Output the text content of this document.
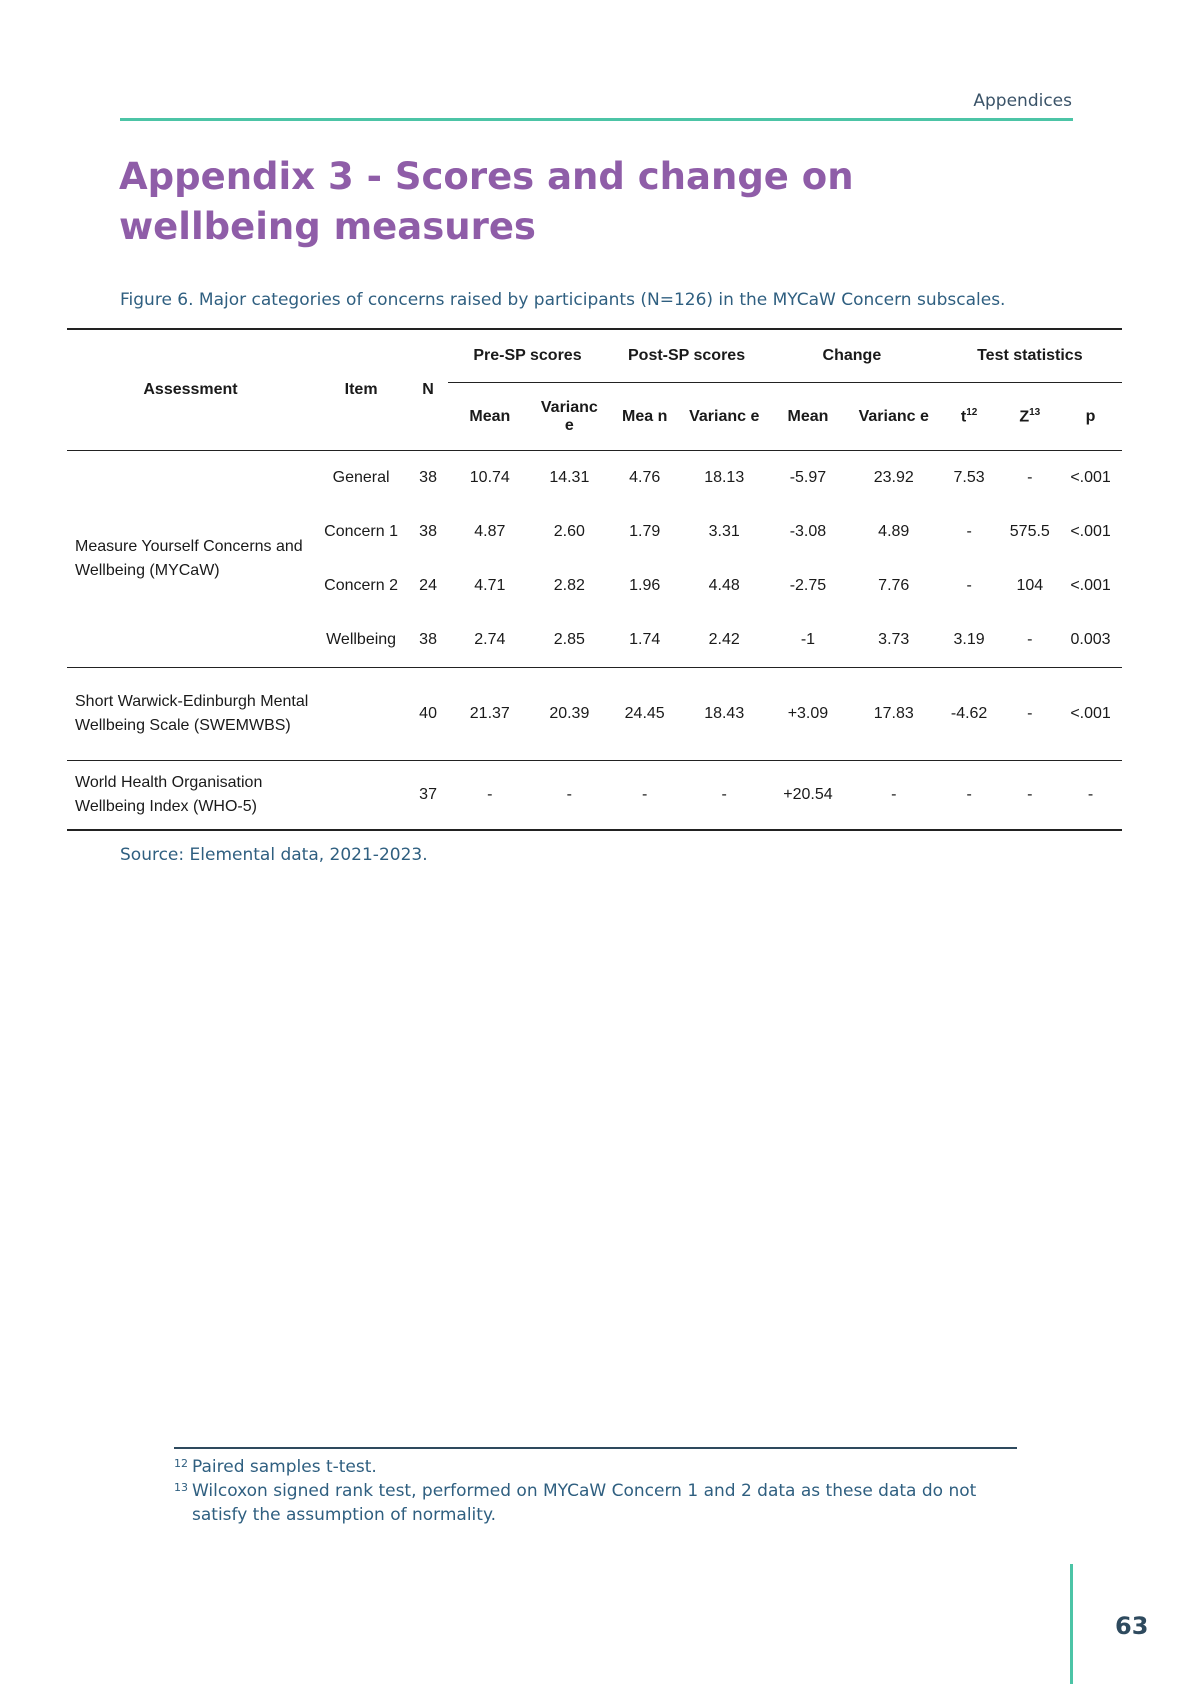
Appendices
Appendix 3 - Scores and change on wellbeing measures
Figure 6. Major categories of concerns raised by participants (N=126) in the MYCaW Concern subscales.
Assessment	Item	N	Pre-SP scores		Post-SP scores		Change		Test statistics		
			Mean	Varianc e	Mea n	Varianc e	Mean	Varianc e	$t^{12}$	$Z^{13}$	p
Measure Yourself Concerns and Wellbeing (MYCaW)	General	38	10.74	14.31	4.76	18.13	-5.97	23.92	7.53	-	<.001
	Concern 1	38	4.87	2.60	1.79	3.31	-3.08	4.89	-	575.5	<.001
	Concern 2	24	4.71	2.82	1.96	4.48	-2.75	7.76	-	104	<.001
	Wellbeing	38	2.74	2.85	1.74	2.42	-1	3.73	3.19	-	0.003
Short Warwick-Edinburgh Mental Wellbeing Scale (SWEMWBS)		40	21.37	20.39	24.45	18.43	+3.09	17.83	-4.62	-	<.001
World Health Organisation Wellbeing Index (WHO-5)		37	-	-	-	-	+20.54	-	-	-	-
Source: Elemental data, 2021-2023.
12 Paired samples t-test.
13 Wilcoxon signed rank test, performed on MYCaW Concern 1 and 2 data as these data do not satisfy the assumption of normality.
63
